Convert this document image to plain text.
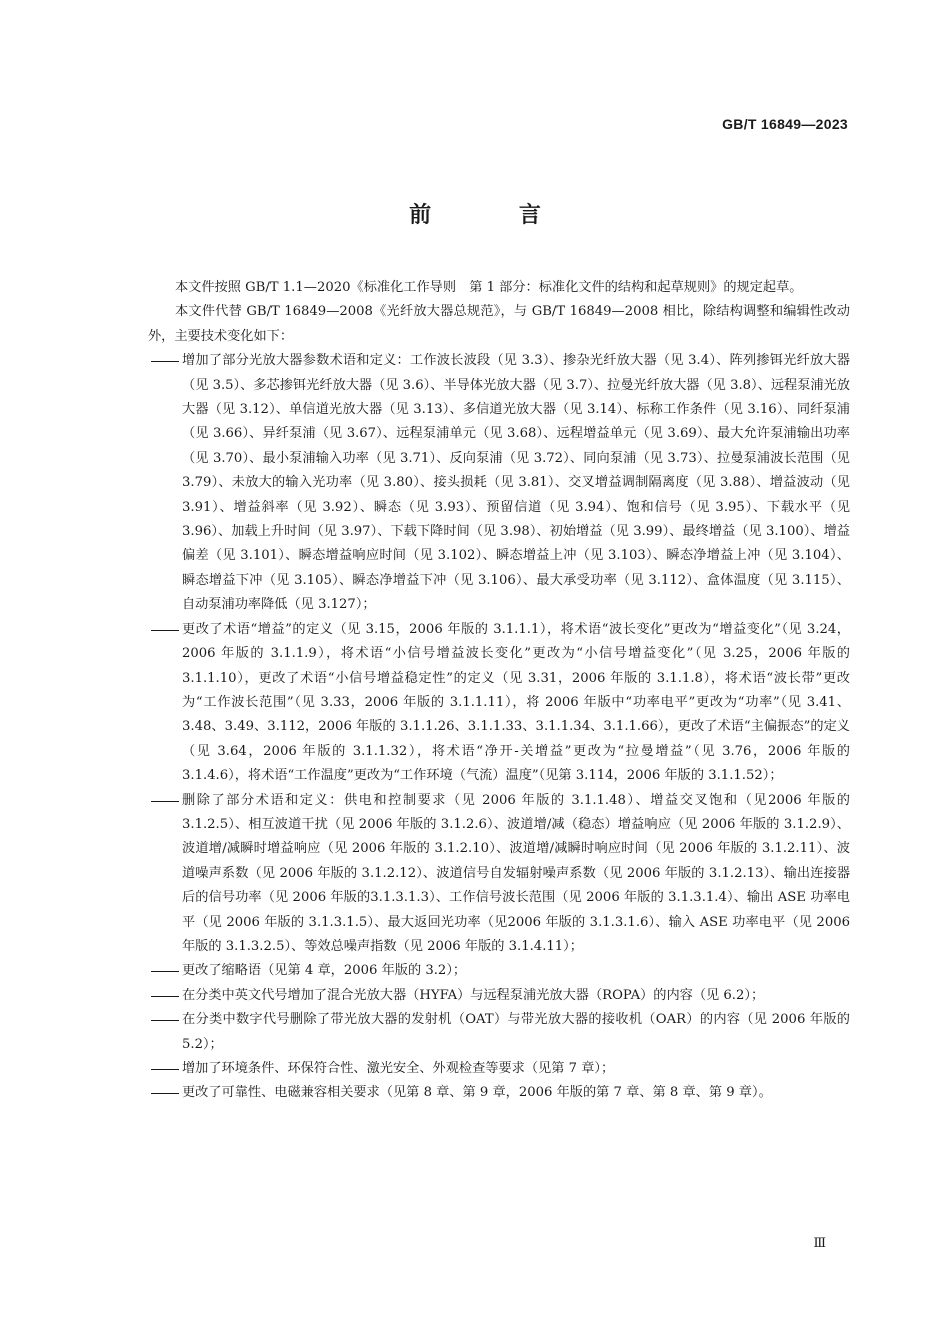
GB/T 16849—2023
前 言

本文件按照 GB/T 1.1—2020《标准化工作导则　第 1 部分：标准化文件的结构和起草规则》的规定起草。

本文件代替 GB/T 16849—2008《光纤放大器总规范》，与 GB/T 16849—2008 相比，除结构调整和编辑性改动外，主要技术变化如下：

增加了部分光放大器参数术语和定义：工作波长波段（见 3.3）、掺杂光纤放大器（见 3.4）、阵列掺铒光纤放大器（见 3.5）、多芯掺铒光纤放大器（见 3.6）、半导体光放大器（见 3.7）、拉曼光纤放大器（见 3.8）、远程泵浦光放大器（见 3.12）、单信道光放大器（见 3.13）、多信道光放大器（见 3.14）、标称工作条件（见 3.16）、同纤泵浦（见 3.66）、异纤泵浦（见 3.67）、远程泵浦单元（见 3.68）、远程增益单元（见 3.69）、最大允许泵浦输出功率（见 3.70）、最小泵浦输入功率（见 3.71）、反向泵浦（见 3.72）、同向泵浦（见 3.73）、拉曼泵浦波长范围（见 3.79）、未放大的输入光功率（见 3.80）、接头损耗（见 3.81）、交叉增益调制隔离度（见 3.88）、增益波动（见 3.91）、增益斜率（见 3.92）、瞬态（见 3.93）、预留信道（见 3.94）、饱和信号（见 3.95）、下载水平（见 3.96）、加载上升时间（见 3.97）、下载下降时间（见 3.98）、初始增益（见 3.99）、最终增益（见 3.100）、增益偏差（见 3.101）、瞬态增益响应时间（见 3.102）、瞬态增益上冲（见 3.103）、瞬态净增益上冲（见 3.104）、瞬态增益下冲（见 3.105）、瞬态净增益下冲（见 3.106）、最大承受功率（见 3.112）、盒体温度（见 3.115）、自动泵浦功率降低（见 3.127）；
更改了术语“增益”的定义（见 3.15，2006 年版的 3.1.1.1），将术语“波长变化”更改为“增益变化”（见 3.24，2006 年版的 3.1.1.9），将术语“小信号增益波长变化”更改为“小信号增益变化”（见 3.25，2006 年版的 3.1.1.10），更改了术语“小信号增益稳定性”的定义（见 3.31，2006 年版的 3.1.1.8），将术语“波长带”更改为“工作波长范围”（见 3.33，2006 年版的 3.1.1.11），将 2006 年版中“功率电平”更改为“功率”（见 3.41、3.48、3.49、3.112，2006 年版的 3.1.1.26、3.1.1.33、3.1.1.34、3.1.1.66），更改了术语“主偏振态”的定义（见 3.64，2006 年版的 3.1.1.32），将术语“净开-关增益”更改为“拉曼增益”（见 3.76，2006 年版的 3.1.4.6），将术语“工作温度”更改为“工作环境（气流）温度”（见第 3.114，2006 年版的 3.1.1.52）；
删除了部分术语和定义：供电和控制要求（见 2006 年版的 3.1.1.48）、增益交叉饱和（见2006 年版的 3.1.2.5）、相互波道干扰（见 2006 年版的 3.1.2.6）、波道增/减（稳态）增益响应（见 2006 年版的 3.1.2.9）、波道增/减瞬时增益响应（见 2006 年版的 3.1.2.10）、波道增/减瞬时响应时间（见 2006 年版的 3.1.2.11）、波道噪声系数（见 2006 年版的 3.1.2.12）、波道信号自发辐射噪声系数（见 2006 年版的 3.1.2.13）、输出连接器后的信号功率（见 2006 年版的3.1.3.1.3）、工作信号波长范围（见 2006 年版的 3.1.3.1.4）、输出 ASE 功率电平（见 2006 年版的 3.1.3.1.5）、最大返回光功率（见2006 年版的 3.1.3.1.6）、输入 ASE 功率电平（见 2006 年版的 3.1.3.2.5）、等效总噪声指数（见 2006 年版的 3.1.4.11）；
更改了缩略语（见第 4 章，2006 年版的 3.2）；
在分类中英文代号增加了混合光放大器（HYFA）与远程泵浦光放大器（ROPA）的内容（见 6.2）；
在分类中数字代号删除了带光放大器的发射机（OAT）与带光放大器的接收机（OAR）的内容（见 2006 年版的 5.2）；
增加了环境条件、环保符合性、激光安全、外观检查等要求（见第 7 章）；
更改了可靠性、电磁兼容相关要求（见第 8 章、第 9 章，2006 年版的第 7 章、第 8 章、第 9 章）。
Ⅲ
